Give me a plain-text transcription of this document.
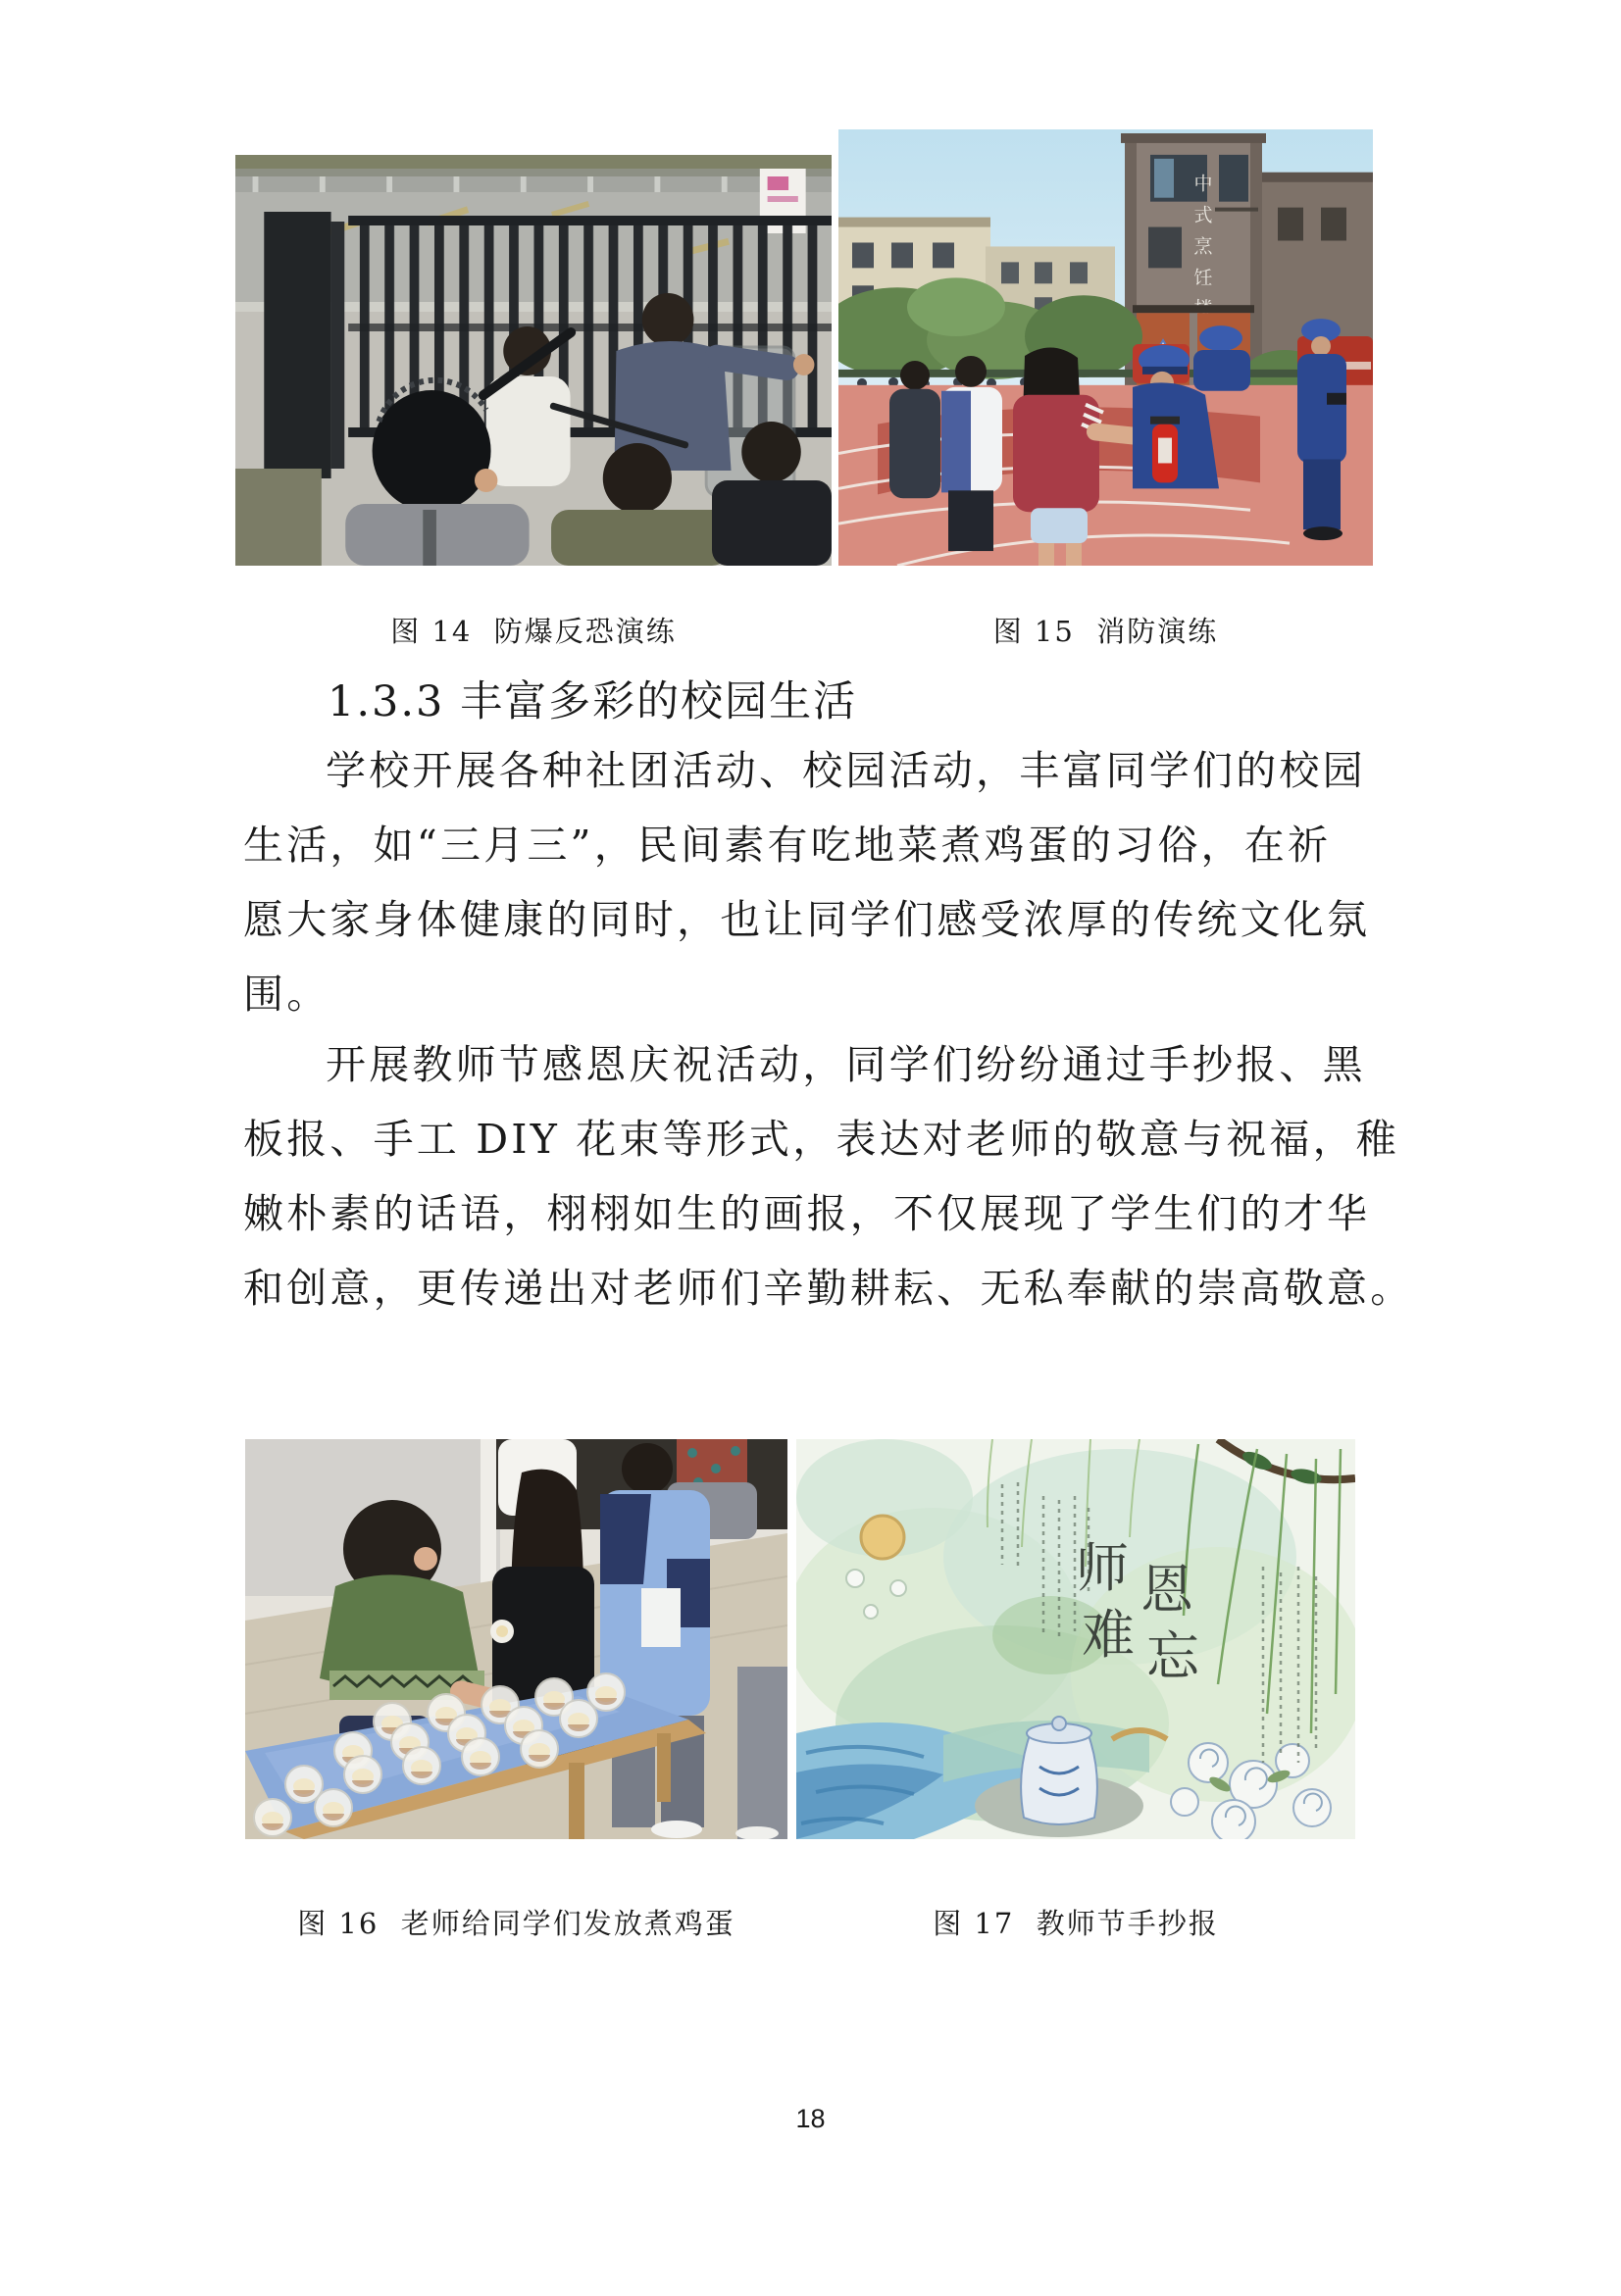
中
式
烹
饪
图 14  防爆反恐演练	图 15  消防演练
1.3.3 丰富多彩的校园生活
学校开展各种社团活动、校园活动，丰富同学们的校园
生活，如“三月三”，民间素有吃地菜煮鸡蛋的习俗，在祈
愿大家身体健康的同时，也让同学们感受浓厚的传统文化氛
围。
开展教师节感恩庆祝活动，同学们纷纷通过手抄报、黑
板报、手工 DIY 花束等形式，表达对老师的敬意与祝福，稚
嫩朴素的话语，栩栩如生的画报，不仅展现了学生们的才华
和创意，更传递出对老师们辛勤耕耘、无私奉献的崇高敬意。
师 恩
难 忘
图 16  老师给同学们发放煮鸡蛋	图 17  教师节手抄报
18
